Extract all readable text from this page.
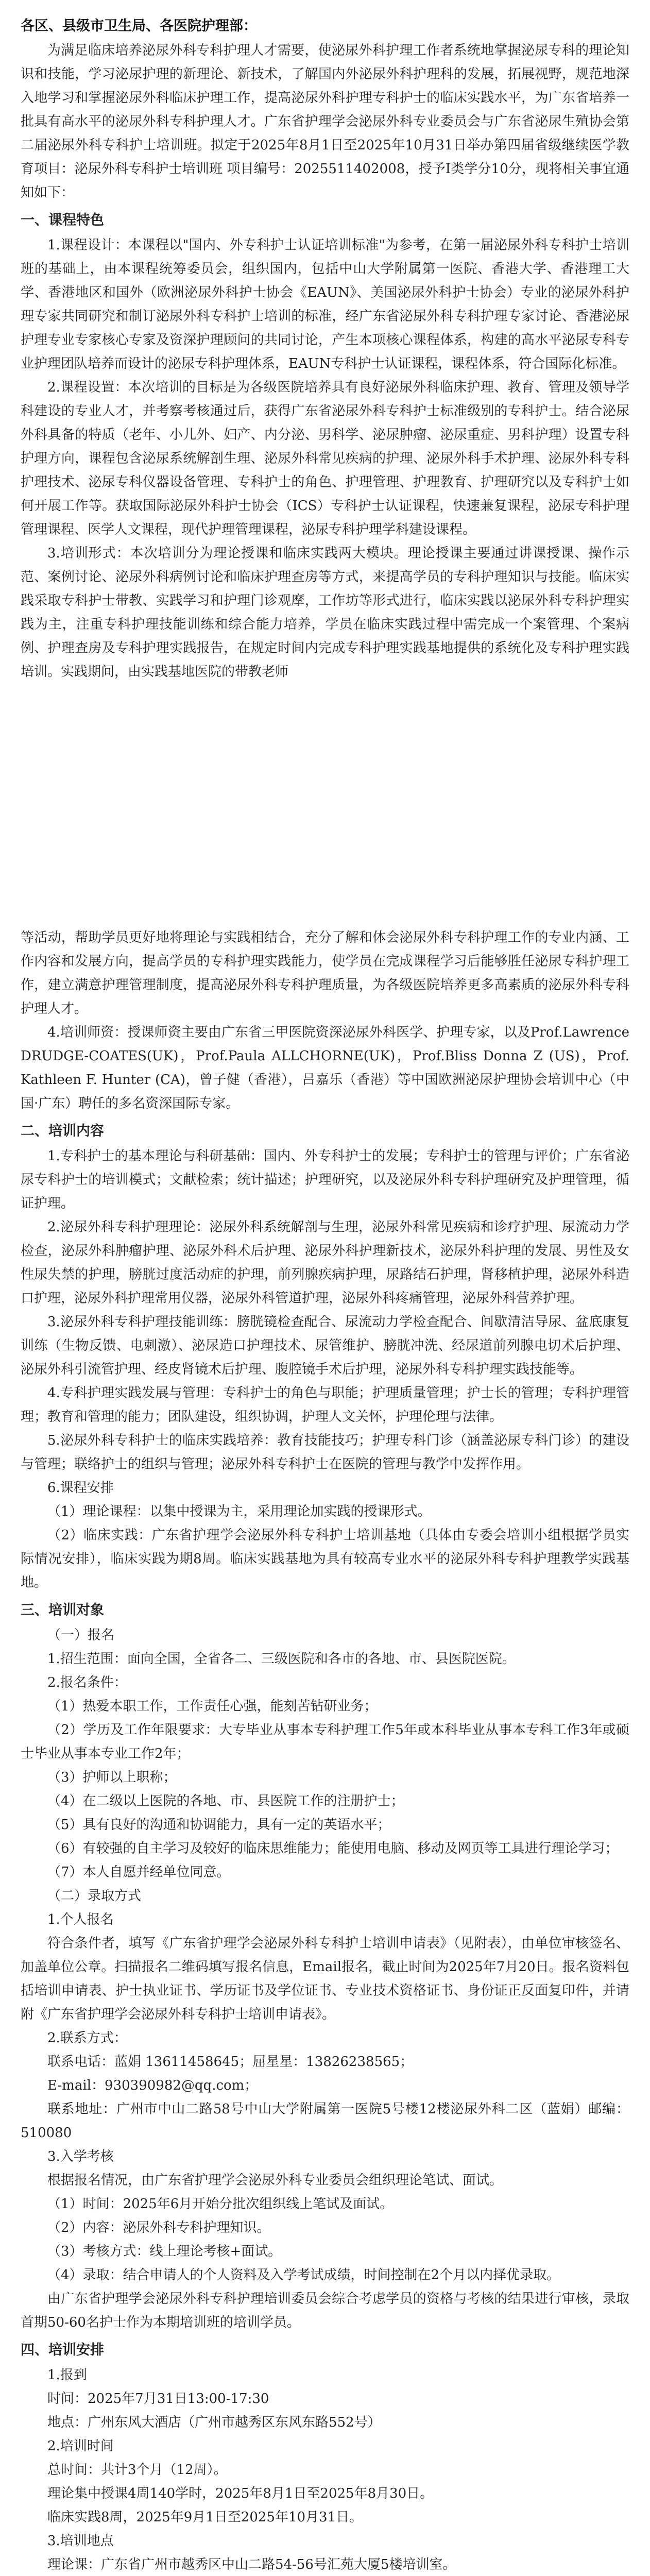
各区、县级市卫生局、各医院护理部：

为满足临床培养泌尿外科专科护理人才需要，使泌尿外科护理工作者系统地掌握泌尿专科的理论知识和技能，学习泌尿护理的新理论、新技术，了解国内外泌尿外科护理科的发展，拓展视野，规范地深入地学习和掌握泌尿外科临床护理工作，提高泌尿外科护理专科护士的临床实践水平，为广东省培养一批具有高水平的泌尿外科专科护理人才。广东省护理学会泌尿外科专业委员会与广东省泌尿生殖协会第二届泌尿外科专科护士培训班。拟定于2025年8月1日至2025年10月31日举办第四届省级继续医学教育项目：泌尿外科专科护士培训班 项目编号：2025511402008，授予Ⅰ类学分10分，现将相关事宜通知如下：

一、课程特色

1.课程设计：本课程以"国内、外专科护士认证培训标准"为参考，在第一届泌尿外科专科护士培训班的基础上，由本课程统筹委员会，组织国内，包括中山大学附属第一医院、香港大学、香港理工大学、香港地区和国外（欧洲泌尿外科护士协会《EAUN》、美国泌尿外科护士协会）专业的泌尿外科护理专家共同研究和制订泌尿外科专科护士培训的标准，经广东省泌尿外科专科护理专家讨论、香港泌尿护理专业专家核心专家及资深护理顾问的共同讨论，产生本项核心课程体系，构建的高水平泌尿专科专业护理团队培养而设计的泌尿专科护理体系，EAUN专科护士认证课程，课程体系，符合国际化标准。

2.课程设置：本次培训的目标是为各级医院培养具有良好泌尿外科临床护理、教育、管理及领导学科建设的专业人才，并考察考核通过后，获得广东省泌尿外科专科护士标准级别的专科护士。结合泌尿外科具备的特质（老年、小儿外、妇产、内分泌、男科学、泌尿肿瘤、泌尿重症、男科护理）设置专科护理方向，课程包含泌尿系统解剖生理、泌尿外科常见疾病的护理、泌尿外科手术护理、泌尿外科专科护理技术、泌尿专科仪器设备管理、专科护士的角色、护理管理、护理教育、护理研究以及专科护士如何开展工作等。获取国际泌尿外科护士协会（ICS）专科护士认证课程，快速兼复课程，泌尿专科护理管理课程、医学人文课程，现代护理管理课程，泌尿专科护理学科建设课程。

3.培训形式：本次培训分为理论授课和临床实践两大模块。理论授课主要通过讲课授课、操作示范、案例讨论、泌尿外科病例讨论和临床护理查房等方式，来提高学员的专科护理知识与技能。临床实践采取专科护士带教、实践学习和护理门诊观摩，工作坊等形式进行，临床实践以泌尿外科专科护理实践为主，注重专科护理技能训练和综合能力培养，学员在临床实践过程中需完成一个案管理、个案病例、护理查房及专科护理实践报告，在规定时间内完成专科护理实践基地提供的系统化及专科护理实践培训。实践期间，由实践基地医院的带教老师

等活动，帮助学员更好地将理论与实践相结合，充分了解和体会泌尿外科专科护理工作的专业内涵、工作内容和发展方向，提高学员的专科护理实践能力，使学员在完成课程学习后能够胜任泌尿专科护理工作，建立满意护理管理制度，提高泌尿外科专科护理质量，为各级医院培养更多高素质的泌尿外科专科护理人才。

4.培训师资：授课师资主要由广东省三甲医院资深泌尿外科医学、护理专家，以及Prof.Lawrence DRUDGE-COATES(UK)，Prof.Paula ALLCHORNE(UK)，Prof.Bliss Donna Z (US)，Prof. Kathleen F. Hunter (CA)，曾子健（香港），吕嘉乐（香港）等中国欧洲泌尿护理协会培训中心（中国·广东）聘任的多名资深国际专家。

二、培训内容

1.专科护士的基本理论与科研基础：国内、外专科护士的发展；专科护士的管理与评价；广东省泌尿专科护士的培训模式；文献检索；统计描述；护理研究，以及泌尿外科专科护理研究及护理管理，循证护理。

2.泌尿外科专科护理理论：泌尿外科系统解剖与生理，泌尿外科常见疾病和诊疗护理、尿流动力学检查，泌尿外科肿瘤护理、泌尿外科术后护理、泌尿外科护理新技术，泌尿外科护理的发展、男性及女性尿失禁的护理，膀胱过度活动症的护理，前列腺疾病护理，尿路结石护理，肾移植护理，泌尿外科造口护理，泌尿外科护理常用仪器，泌尿外科管道护理，泌尿外科疼痛管理，泌尿外科营养护理。

3.泌尿外科专科护理技能训练：膀胱镜检查配合、尿流动力学检查配合、间歇清洁导尿、盆底康复训练（生物反馈、电刺激）、泌尿造口护理技术、尿管维护、膀胱冲洗、经尿道前列腺电切术后护理、泌尿外科引流管护理、经皮肾镜术后护理、腹腔镜手术后护理，泌尿外科专科护理实践技能等。

4.专科护理实践发展与管理：专科护士的角色与职能；护理质量管理；护士长的管理；专科护理管理；教育和管理的能力；团队建设，组织协调，护理人文关怀，护理伦理与法律。

5.泌尿外科专科护士的临床实践培养：教育技能技巧；护理专科门诊（涵盖泌尿专科门诊）的建设与管理；联络护士的组织与管理；泌尿外科专科护士在医院的管理与教学中发挥作用。

6.课程安排

（1）理论课程：以集中授课为主，采用理论加实践的授课形式。

（2）临床实践：广东省护理学会泌尿外科专科护士培训基地（具体由专委会培训小组根据学员实际情况安排），临床实践为期8周。临床实践基地为具有较高专业水平的泌尿外科专科护理教学实践基地。

三、培训对象

（一）报名

1.招生范围：面向全国，全省各二、三级医院和各市的各地、市、县医院医院。

2.报名条件：

（1）热爱本职工作，工作责任心强，能刻苦钻研业务；

（2）学历及工作年限要求：大专毕业从事本专科护理工作5年或本科毕业从事本专科工作3年或硕士毕业从事本专业工作2年；

（3）护师以上职称；

（4）在二级以上医院的各地、市、县医院工作的注册护士；

（5）具有良好的沟通和协调能力，具有一定的英语水平；

（6）有较强的自主学习及较好的临床思维能力；能使用电脑、移动及网页等工具进行理论学习；

（7）本人自愿并经单位同意。

（二）录取方式

1.个人报名

符合条件者，填写《广东省护理学会泌尿外科专科护士培训申请表》（见附表），由单位审核签名、加盖单位公章。扫描报名二维码填写报名信息，Email报名，截止时间为2025年7月20日。报名资料包括培训申请表、护士执业证书、学历证书及学位证书、专业技术资格证书、身份证正反面复印件，并请附《广东省护理学会泌尿外科专科护士培训申请表》。

2.联系方式：

联系电话：蓝娟 13611458645；屈星星：13826238565；

E-mail：930390982@qq.com；

联系地址：广州市中山二路58号中山大学附属第一医院5号楼12楼泌尿外科二区（蓝娟）邮编：510080

3.入学考核

根据报名情况，由广东省护理学会泌尿外科专业委员会组织理论笔试、面试。

（1）时间：2025年6月开始分批次组织线上笔试及面试。

（2）内容：泌尿外科专科护理知识。

（3）考核方式：线上理论考核+面试。

（4）录取：结合申请人的个人资料及入学考试成绩，时间控制在2个月以内择优录取。

由广东省护理学会泌尿外科专科护理培训委员会综合考虑学员的资格与考核的结果进行审核，录取首期50-60名护士作为本期培训班的培训学员。

四、培训安排

1.报到

时间：2025年7月31日13:00-17:30

地点：广州东风大酒店（广州市越秀区东风东路552号）

2.培训时间

总时间：共计3个月（12周）。

理论集中授课4周140学时，2025年8月1日至2025年8月30日。

临床实践8周，2025年9月1日至2025年10月31日。

3.培训地点

理论课：广东省广州市越秀区中山二路54-56号汇苑大厦5楼培训室。
